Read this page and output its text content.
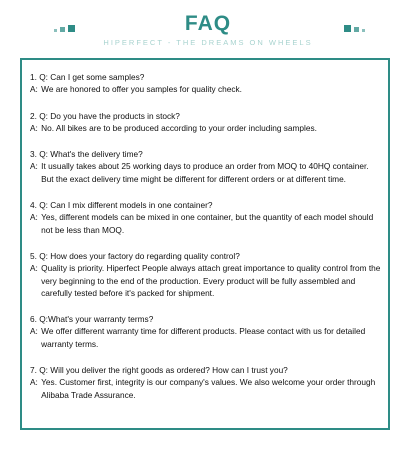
FAQ

HIPERFECT - THE DREAMS ON WHEELS

1. Q: Can I get some samples?
A: We are honored to offer you samples for quality check.
2. Q: Do you have the products in stock?
A: No. All bikes are to be produced according to your order including samples.
3. Q: What's the delivery time?
A: It usually takes about 25 working days to produce an order from MOQ to 40HQ container. But the exact delivery time might be different for different orders or at different time.
4. Q: Can I mix different models in one container?
A: Yes, different models can be mixed in one container, but the quantity of each model should not be less than MOQ.
5. Q: How does your factory do regarding quality control?
A: Quality is priority. Hiperfect People always attach great importance to quality control from the very beginning to the end of the production. Every product will be fully assembled and carefully tested before it's packed for shipment.
6. Q: What's your warranty terms?
A: We offer different warranty time for different products. Please contact with us for detailed warranty terms.
7. Q: Will you deliver the right goods as ordered? How can I trust you?
A: Yes. Customer first, integrity is our company's values. We also welcome your order through Alibaba Trade Assurance.
